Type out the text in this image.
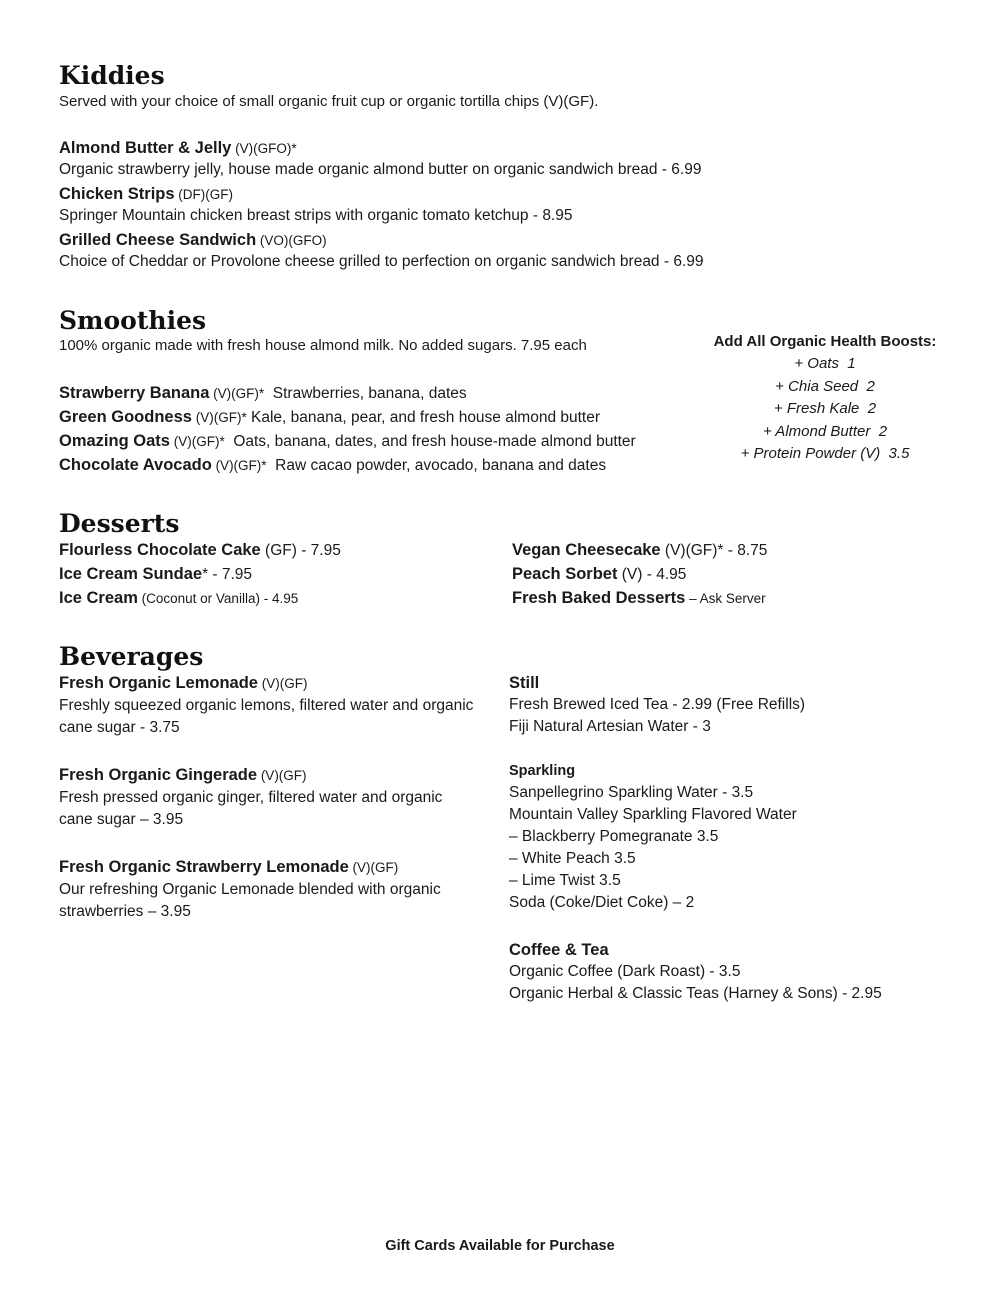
Kiddies

Served with your choice of small organic fruit cup or organic tortilla chips (V)(GF).

Almond Butter & Jelly (V)(GFO)*
Organic strawberry jelly, house made organic almond butter on organic sandwich bread - 6.99
Chicken Strips (DF)(GF)
Springer Mountain chicken breast strips with organic tomato ketchup - 8.95
Grilled Cheese Sandwich (VO)(GFO)
Choice of Cheddar or Provolone cheese grilled to perfection on organic sandwich bread - 6.99
Smoothies

100% organic made with fresh house almond milk. No added sugars. 7.95 each

Strawberry Banana (V)(GF)*  Strawberries, banana, dates
Green Goodness (V)(GF)* Kale, banana, pear, and fresh house almond butter
Omazing Oats (V)(GF)*  Oats, banana, dates, and fresh house-made almond butter
Chocolate Avocado (V)(GF)*  Raw cacao powder, avocado, banana and dates
Add All Organic Health Boosts:
+ Oats  1
+ Chia Seed  2
+ Fresh Kale  2
+ Almond Butter  2
+ Protein Powder (V)  3.5
Desserts
Flourless Chocolate Cake (GF) - 7.95
Ice Cream Sundae* - 7.95
Ice Cream (Coconut or Vanilla) - 4.95
Vegan Cheesecake (V)(GF)* - 8.75
Peach Sorbet (V) - 4.95
Fresh Baked Desserts – Ask Server
Beverages

Fresh Organic Lemonade (V)(GF)

Freshly squeezed organic lemons, filtered water and organic cane sugar - 3.75

Fresh Organic Gingerade (V)(GF)

Fresh pressed organic ginger, filtered water and organic cane sugar – 3.95

Fresh Organic Strawberry Lemonade (V)(GF)

Our refreshing Organic Lemonade blended with organic strawberries – 3.95

Still

Fresh Brewed Iced Tea - 2.99 (Free Refills)

Fiji Natural Artesian Water - 3

Sparkling

Sanpellegrino Sparkling Water - 3.5

Mountain Valley Sparkling Flavored Water

– Blackberry Pomegranate 3.5

– White Peach 3.5

– Lime Twist 3.5

Soda (Coke/Diet Coke) – 2

Coffee & Tea

Organic Coffee (Dark Roast) - 3.5

Organic Herbal & Classic Teas (Harney & Sons) - 2.95

Gift Cards Available for Purchase
